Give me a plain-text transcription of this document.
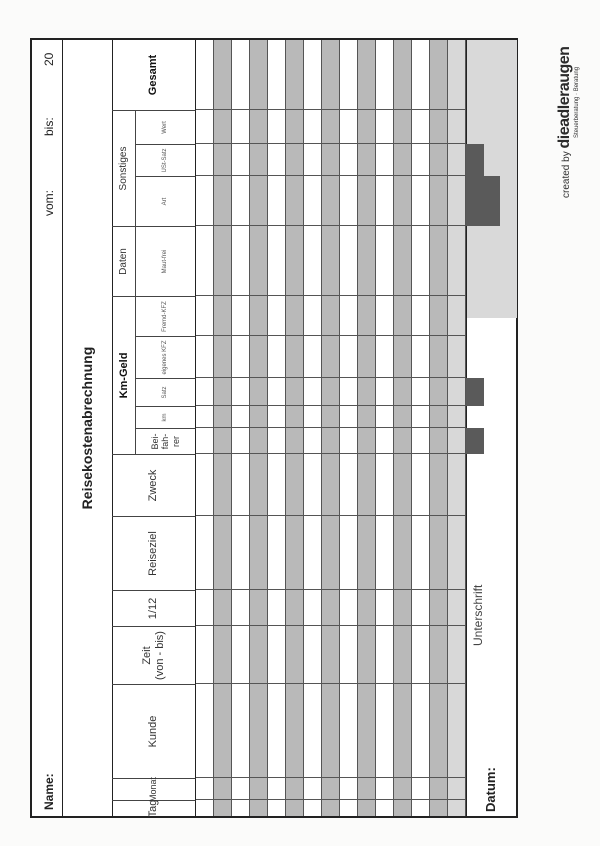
Name:
vom:
bis:
20
Reisekostenabrechnung	Km-Geld
Daten
Sonstiges
Tag
Monat
Kunde
Zeit (von - bis)
1/12
Reiseziel
Zweck
Bei-fah-rer
km
Satz
eigenes KFZ
Fremd-KFZ
Maut-frei
Art
USt-Satz
Wert
Gesamt
Datum:
Unterschrift
created by dieadleraugen Steuerberatung · Beratung
